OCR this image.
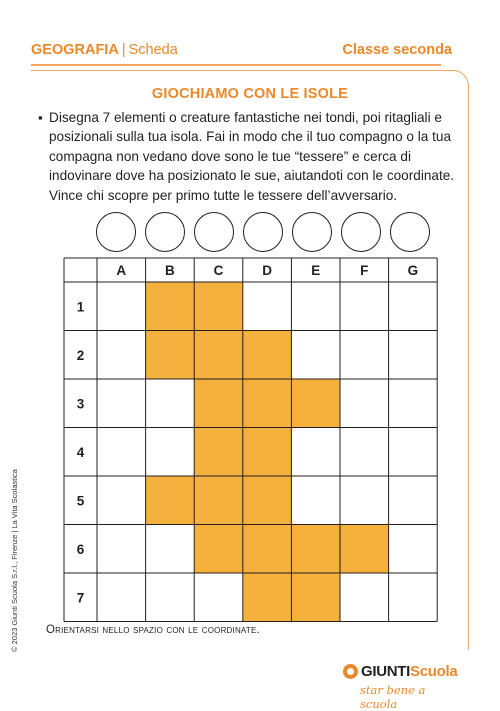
GEOGRAFIA | Scheda	Classe seconda
GIOCHIAMO CON LE ISOLE
▪ Disegna 7 elementi o creature fantastiche nei tondi, poi ritagliali e posizionali sulla tua isola. Fai in modo che il tuo compagno o la tua compagna non vedano dove sono le tue “tessere” e cerca di indovinare dove ha posizionato le sue, aiutandoti con le coordinate. Vince chi scopre per primo tutte le tessere dell’avversario.
A	B	C	D	E	F	G
1
2
3
4
5
6
7
Orientarsi nello spazio con le coordinate.
© 2023 Giunti Scuola S.r.l., Firenze | La Vita Scolastica
GIUNTIScuola
star bene a scuola
